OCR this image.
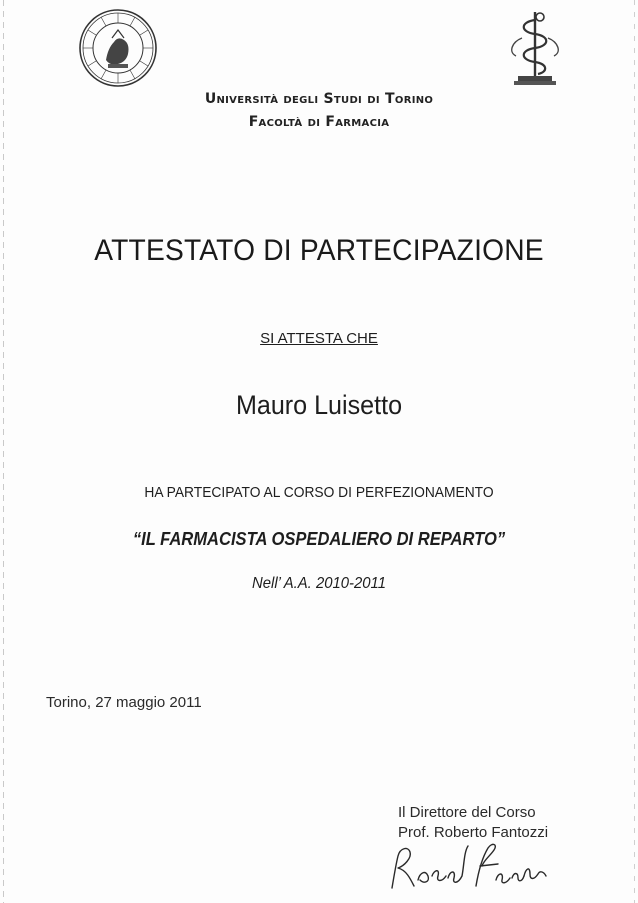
Università degli Studi di Torino
Facoltà di Farmacia
ATTESTATO DI PARTECIPAZIONE
SI ATTESTA CHE
Mauro Luisetto
HA PARTECIPATO AL CORSO DI PERFEZIONAMENTO
“IL FARMACISTA OSPEDALIERO DI REPARTO”
Nell’ A.A. 2010-2011
Torino, 27 maggio 2011
Il Direttore del Corso
Prof. Roberto Fantozzi
